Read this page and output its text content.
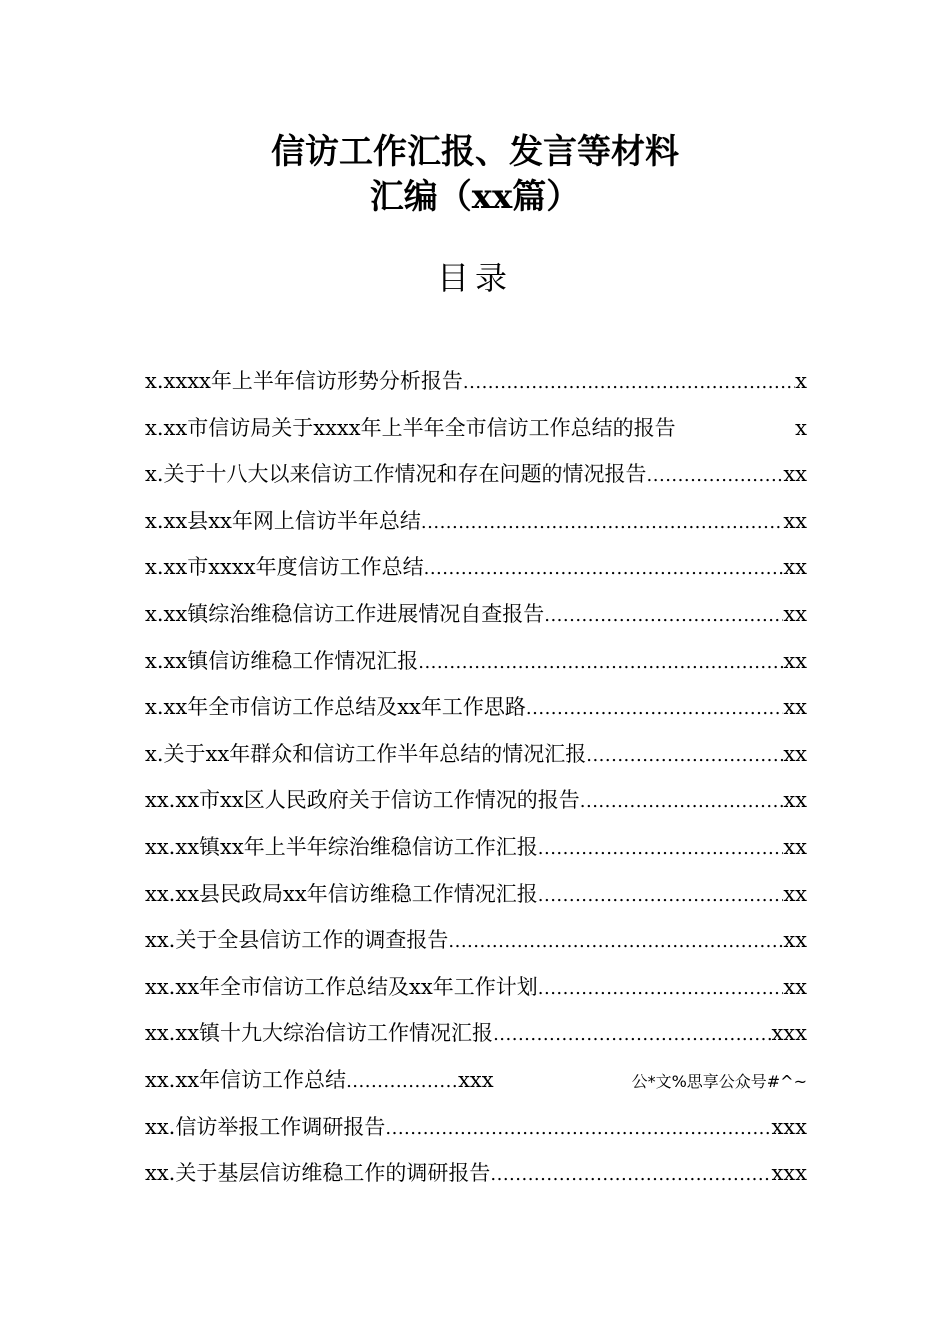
信访工作汇报、发言等材料
汇编（xx篇）
目录
x. xxxx年上半年信访形势分析报告 .....	x
x. xx市信访局关于xxxx年上半年全市信访工作总结的报告	x
x. 关于十八大以来信访工作情况和存在问题的情况报告 .....	xx
x. xx县xx年网上信访半年总结 .....	xx
x. xx市xxxx年度信访工作总结 .....	xx
x. xx镇综治维稳信访工作进展情况自查报告 .....	xx
x. xx镇信访维稳工作情况汇报 .....	xx
x. xx年全市信访工作总结及xx年工作思路 .....	xx
x. 关于xx年群众和信访工作半年总结的情况汇报 .....	xx
xx. xx市xx区人民政府关于信访工作情况的报告 .....	xx
xx. xx镇xx年上半年综治维稳信访工作汇报 .....	xx
xx. xx县民政局xx年信访维稳工作情况汇报 .....	xx
xx. 关于全县信访工作的调查报告 .....	xx
xx. xx年全市信访工作总结及xx年工作计划 .....	xx
xx. xx镇十九大综治信访工作情况汇报 .....	xxx
xx. xx年信访工作总结 .................. xxx	公*文%思享公众号#^~
xx. 信访举报工作调研报告 .....	xxx
xx. 关于基层信访维稳工作的调研报告 .....	xxx
